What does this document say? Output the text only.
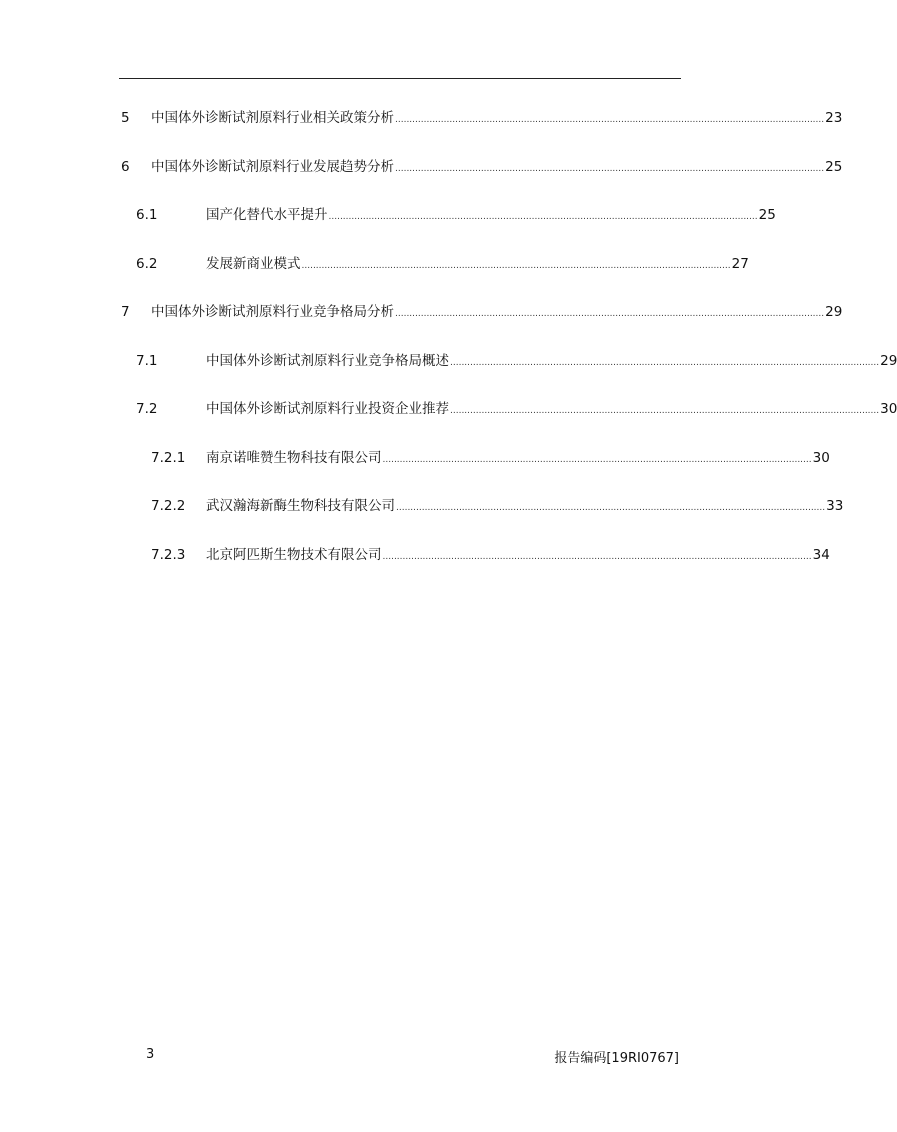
5 中国体外诊断试剂原料行业相关政策分析 ...................................................................................................................................................... 23
6 中国体外诊断试剂原料行业发展趋势分析 ...................................................................................................................................................... 25
6.1	国产化替代水平提升 ...................................................................................................................................................... 25
6.2	发展新商业模式 ...................................................................................................................................................... 27
7 中国体外诊断试剂原料行业竞争格局分析 ...................................................................................................................................................... 29
7.1	中国体外诊断试剂原料行业竞争格局概述 ...................................................................................................................................................... 29
7.2	中国体外诊断试剂原料行业投资企业推荐 ...................................................................................................................................................... 30
7.2.1 南京诺唯赞生物科技有限公司 ...................................................................................................................................................... 30
7.2.2 武汉瀚海新酶生物科技有限公司 ...................................................................................................................................................... 33
7.2.3 北京阿匹斯生物技术有限公司 ...................................................................................................................................................... 34
3	报告编码[19RI0767]
